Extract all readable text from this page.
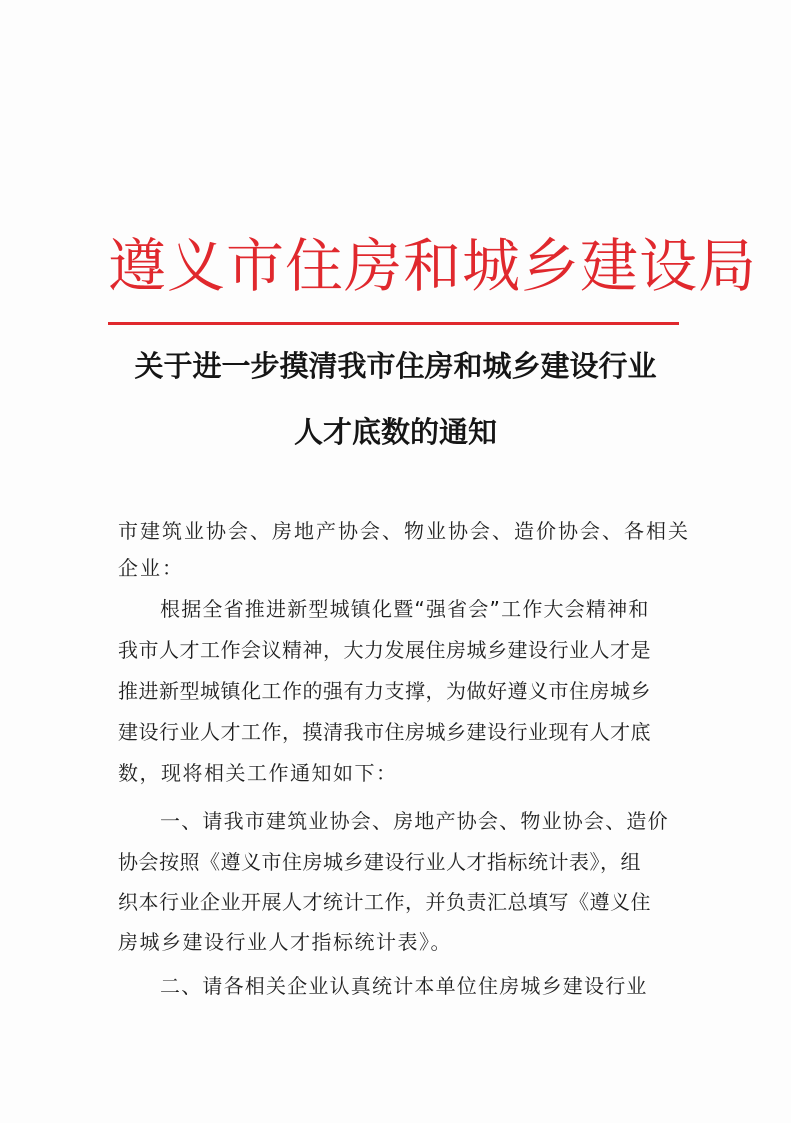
遵义市住房和城乡建设局
关于进一步摸清我市住房和城乡建设行业
人才底数的通知
市建筑业协会、房地产协会、物业协会、造价协会、各相关
企业：
根据全省推进新型城镇化暨“强省会”工作大会精神和
我市人才工作会议精神，大力发展住房城乡建设行业人才是
推进新型城镇化工作的强有力支撑，为做好遵义市住房城乡
建设行业人才工作，摸清我市住房城乡建设行业现有人才底
数，现将相关工作通知如下：
一、请我市建筑业协会、房地产协会、物业协会、造价
协会按照《遵义市住房城乡建设行业人才指标统计表》，组
织本行业企业开展人才统计工作，并负责汇总填写《遵义住
房城乡建设行业人才指标统计表》。
二、请各相关企业认真统计本单位住房城乡建设行业
